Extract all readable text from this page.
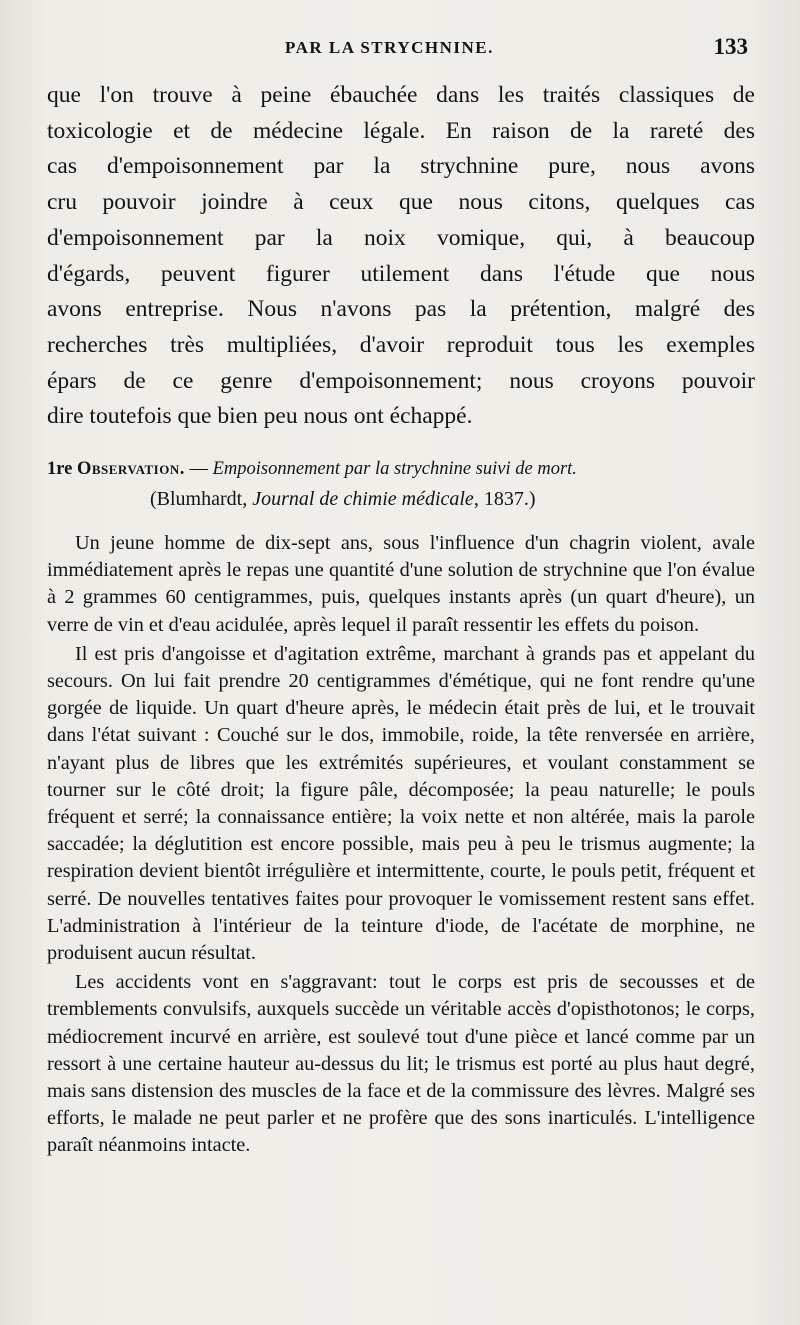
PAR LA STRYCHNINE.	133

que l'on trouve à peine ébauchée dans les traités classiques de

toxicologie et de médecine légale. En raison de la rareté des

cas d'empoisonnement par la strychnine pure, nous avons

cru pouvoir joindre à ceux que nous citons, quelques cas

d'empoisonnement par la noix vomique, qui, à beaucoup

d'égards, peuvent figurer utilement dans l'étude que nous

avons entreprise. Nous n'avons pas la prétention, malgré des

recherches très multipliées, d'avoir reproduit tous les exemples

épars de ce genre d'empoisonnement; nous croyons pouvoir

dire toutefois que bien peu nous ont échappé.

1re Observation. — Empoisonnement par la strychnine suivi de mort.

(Blumhardt, Journal de chimie médicale, 1837.)

Un jeune homme de dix-sept ans, sous l'influence d'un chagrin violent, avale immédiatement après le repas une quantité d'une solution de strychnine que l'on évalue à 2 grammes 60 centigrammes, puis, quelques instants après (un quart d'heure), un verre de vin et d'eau acidulée, après lequel il paraît ressentir les effets du poison.

Il est pris d'angoisse et d'agitation extrême, marchant à grands pas et appelant du secours. On lui fait prendre 20 centigrammes d'émétique, qui ne font rendre qu'une gorgée de liquide. Un quart d'heure après, le médecin était près de lui, et le trouvait dans l'état suivant : Couché sur le dos, immobile, roide, la tête renversée en arrière, n'ayant plus de libres que les extrémités supérieures, et voulant constamment se tourner sur le côté droit; la figure pâle, décomposée; la peau naturelle; le pouls fréquent et serré; la connaissance entière; la voix nette et non altérée, mais la parole saccadée; la déglutition est encore possible, mais peu à peu le trismus augmente; la respiration devient bientôt irrégulière et intermittente, courte, le pouls petit, fréquent et serré. De nouvelles tentatives faites pour provoquer le vomissement restent sans effet. L'administration à l'intérieur de la teinture d'iode, de l'acétate de morphine, ne produisent aucun résultat.

Les accidents vont en s'aggravant: tout le corps est pris de secousses et de tremblements convulsifs, auxquels succède un véritable accès d'opisthotonos; le corps, médiocrement incurvé en arrière, est soulevé tout d'une pièce et lancé comme par un ressort à une certaine hauteur au-dessus du lit; le trismus est porté au plus haut degré, mais sans distension des muscles de la face et de la commissure des lèvres. Malgré ses efforts, le malade ne peut parler et ne profère que des sons inarticulés. L'intelligence paraît néanmoins intacte.
